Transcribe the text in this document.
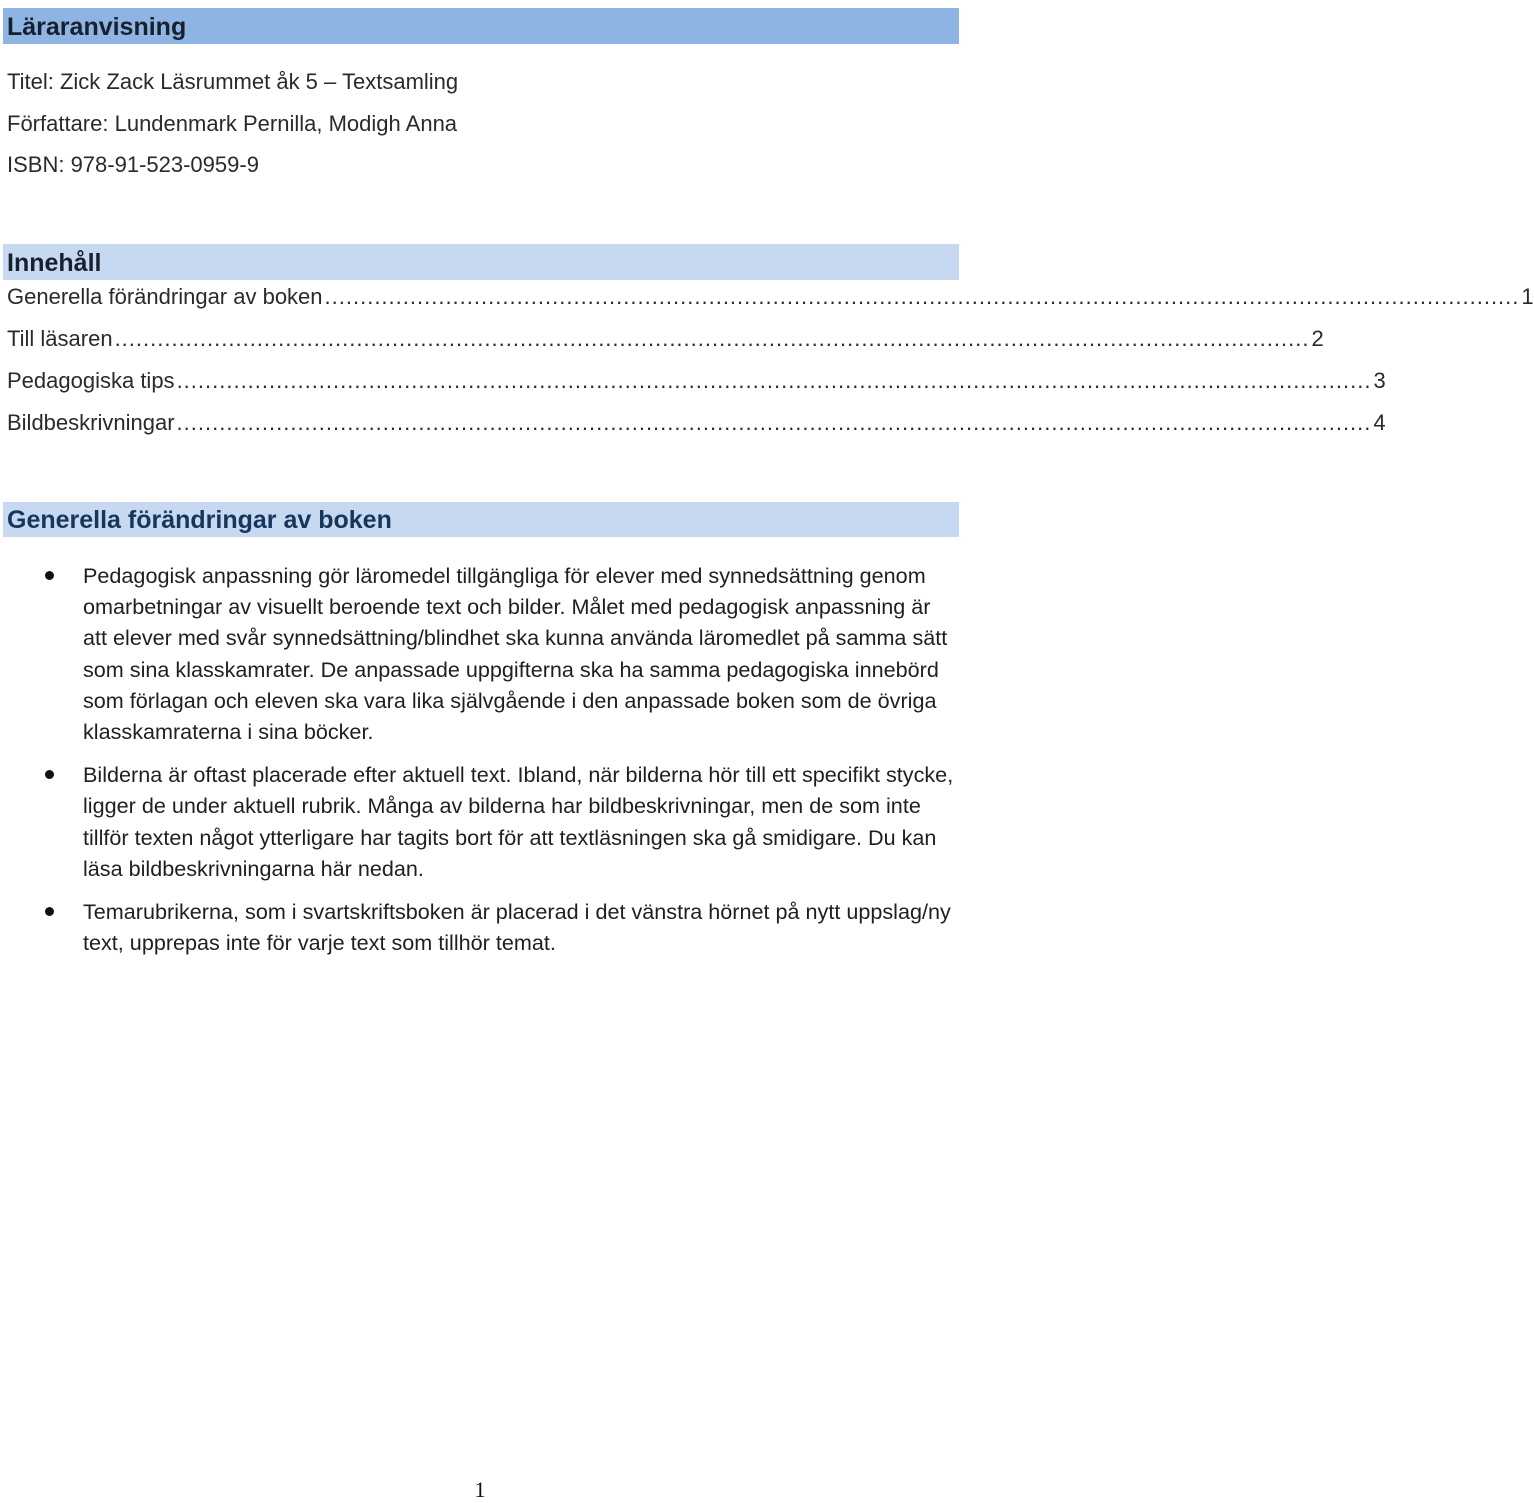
Läraranvisning
Titel: Zick Zack Läsrummet åk 5 – Textsamling
Författare: Lundenmark Pernilla, Modigh Anna
ISBN: 978-91-523-0959-9
Innehåll
Generella förändringar av boken ........................................................................................................................................................................ 1
Till läsaren ........................................................................................................................................................................ 2
Pedagogiska tips ........................................................................................................................................................................ 3
Bildbeskrivningar ........................................................................................................................................................................ 4
Generella förändringar av boken
Pedagogisk anpassning gör läromedel tillgängliga för elever med synnedsättning genom omarbetningar av visuellt beroende text och bilder. Målet med pedagogisk anpassning är att elever med svår synnedsättning/blindhet ska kunna använda läromedlet på samma sätt som sina klasskamrater. De anpassade uppgifterna ska ha samma pedagogiska innebörd som förlagan och eleven ska vara lika självgående i den anpassade boken som de övriga klasskamraterna i sina böcker.
Bilderna är oftast placerade efter aktuell text. Ibland, när bilderna hör till ett specifikt stycke, ligger de under aktuell rubrik. Många av bilderna har bildbeskrivningar, men de som inte tillför texten något ytterligare har tagits bort för att textläsningen ska gå smidigare. Du kan läsa bildbeskrivningarna här nedan.
Temarubrikerna, som i svartskriftsboken är placerad i det vänstra hörnet på nytt uppslag/ny text, upprepas inte för varje text som tillhör temat.
1
